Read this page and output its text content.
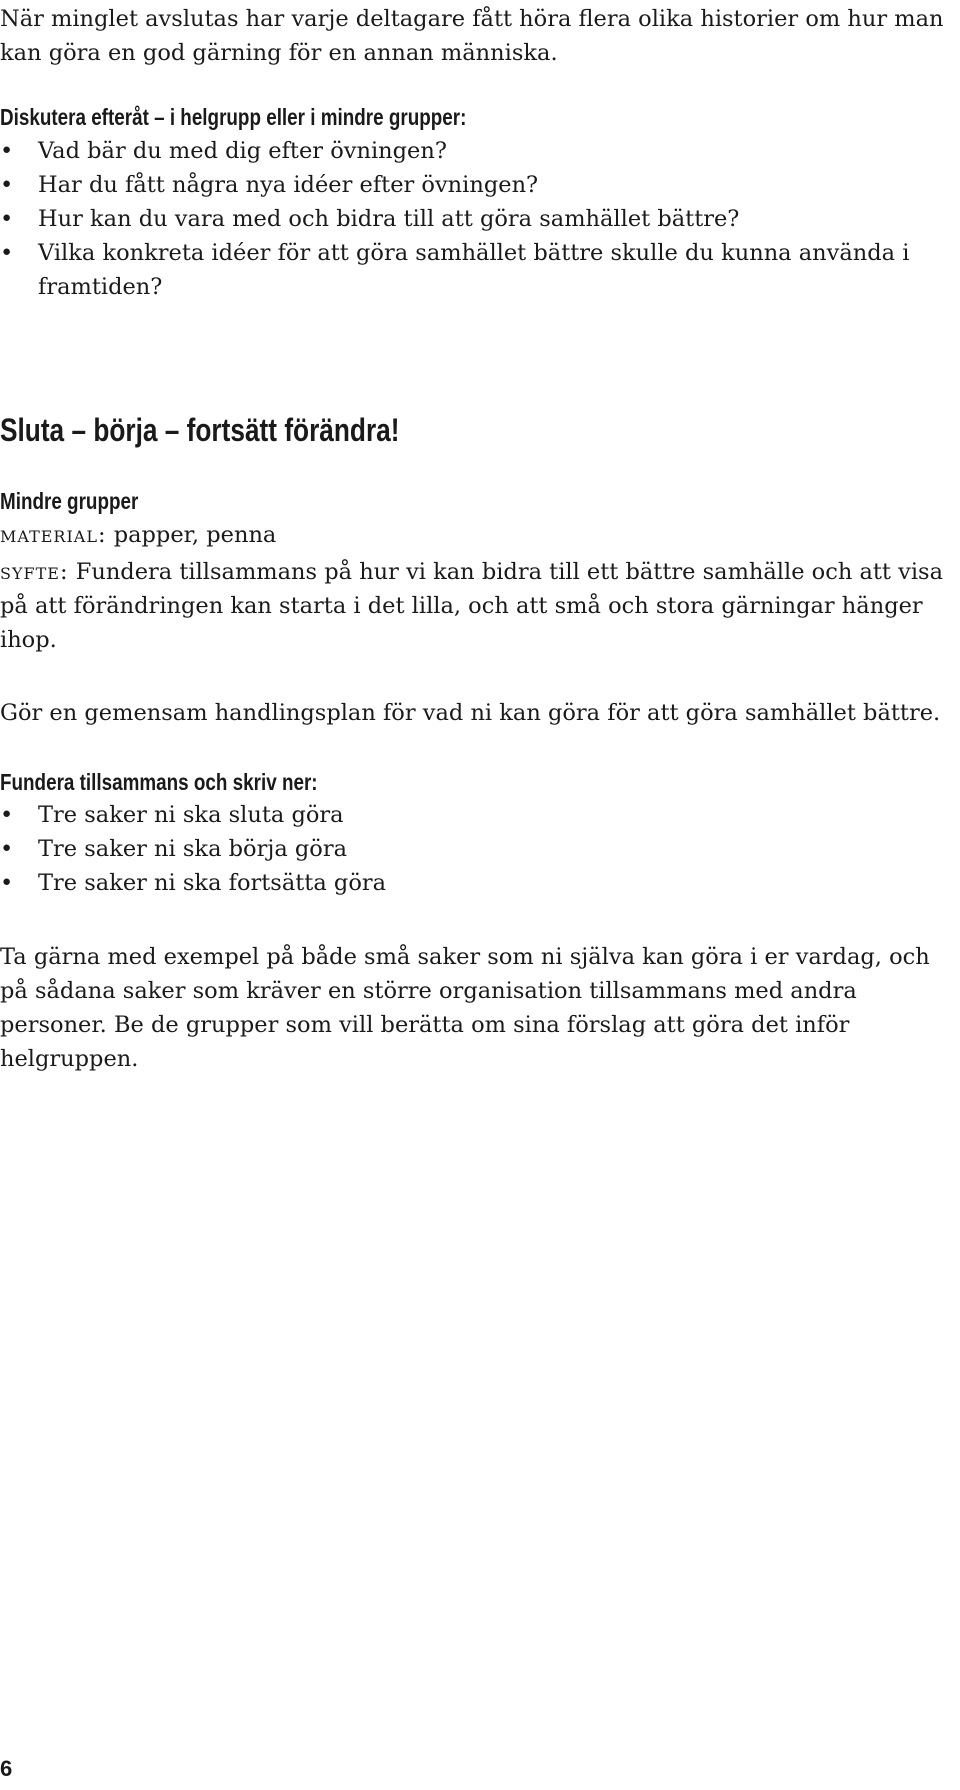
När minglet avslutas har varje deltagare fått höra flera olika historier om hur man kan göra en god gärning för en annan människa.

Diskutera efteråt – i helgrupp eller i mindre grupper:

• Vad bär du med dig efter övningen?
• Har du fått några nya idéer efter övningen?
• Hur kan du vara med och bidra till att göra samhället bättre?
• Vilka konkreta idéer för att göra samhället bättre skulle du kunna använda i framtiden?
Sluta – börja – fortsätt förändra!

Mindre grupper

material: papper, penna

syfte: Fundera tillsammans på hur vi kan bidra till ett bättre samhälle och att visa på att förändringen kan starta i det lilla, och att små och stora gärningar hänger ihop.

Gör en gemensam handlingsplan för vad ni kan göra för att göra samhället bättre.

Fundera tillsammans och skriv ner:

• Tre saker ni ska sluta göra
• Tre saker ni ska börja göra
• Tre saker ni ska fortsätta göra

Ta gärna med exempel på både små saker som ni själva kan göra i er vardag, och på sådana saker som kräver en större organisation tillsammans med andra personer. Be de grupper som vill berätta om sina förslag att göra det inför helgruppen.

6
